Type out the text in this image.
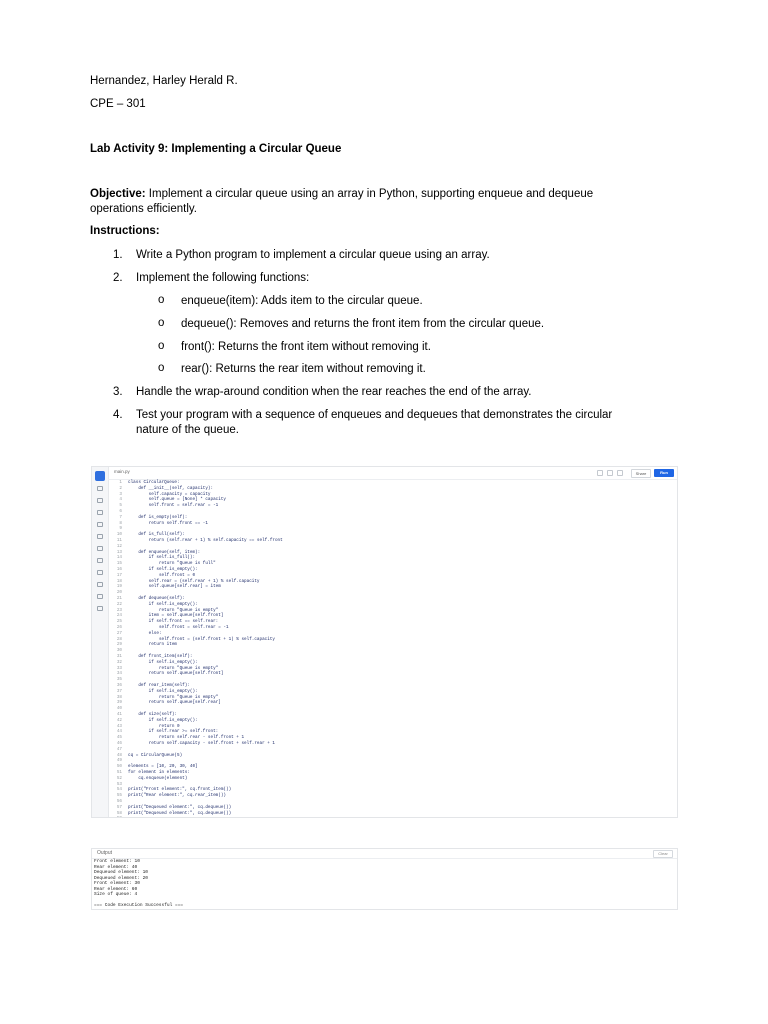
Hernandez, Harley Herald R.
CPE – 301
Lab Activity 9: Implementing a Circular Queue
Objective: Implement a circular queue using an array in Python, supporting enqueue and dequeue
operations efficiently.
Instructions:
1. Write a Python program to implement a circular queue using an array.
2. Implement the following functions:
o enqueue(item): Adds item to the circular queue.
o dequeue(): Removes and returns the front item from the circular queue.
o front(): Returns the front item without removing it.
o rear(): Returns the rear item without removing it.
3. Handle the wrap-around condition when the rear reaches the end of the array.
4. Test your program with a sequence of enqueues and dequeues that demonstrates the circular
nature of the queue.
main.py	Share	Run
1 class CircularQueue:
2    def __init__(self, capacity):
3        self.capacity = capacity
4        self.queue = [None] * capacity
5        self.front = self.rear = -1
6
7    def is_empty(self):
8        return self.front == -1
9
10    def is_full(self):
11        return (self.rear + 1) % self.capacity == self.front
12
13    def enqueue(self, item):
14        if self.is_full():
15            return "Queue is full"
16        if self.is_empty():
17            self.front = 0
18        self.rear = (self.rear + 1) % self.capacity
19        self.queue[self.rear] = item
20
21    def dequeue(self):
22        if self.is_empty():
23            return "Queue is empty"
24        item = self.queue[self.front]
25        if self.front == self.rear:
26            self.front = self.rear = -1
27        else:
28            self.front = (self.front + 1) % self.capacity
29        return item
30
31    def front_item(self):
32        if self.is_empty():
33            return "Queue is empty"
34        return self.queue[self.front]
35
36    def rear_item(self):
37        if self.is_empty():
38            return "Queue is empty"
39        return self.queue[self.rear]
40
41    def size(self):
42        if self.is_empty():
43            return 0
44        if self.rear >= self.front:
45            return self.rear - self.front + 1
46        return self.capacity - self.front + self.rear + 1
47
48 cq = CircularQueue(5)
49
50 elements = [10, 20, 30, 40]
51 for element in elements:
52    cq.enqueue(element)
53
54 print("Front element:", cq.front_item())
55 print("Rear element:", cq.rear_item())
56
57 print("Dequeued element:", cq.dequeue())
58 print("Dequeued element:", cq.dequeue())
Output	Clear
Front element: 10
Rear element: 40
Dequeued element: 10
Dequeued element: 20
Front element: 30
Rear element: 60
Size of queue: 4
=== Code Execution Successful ===
